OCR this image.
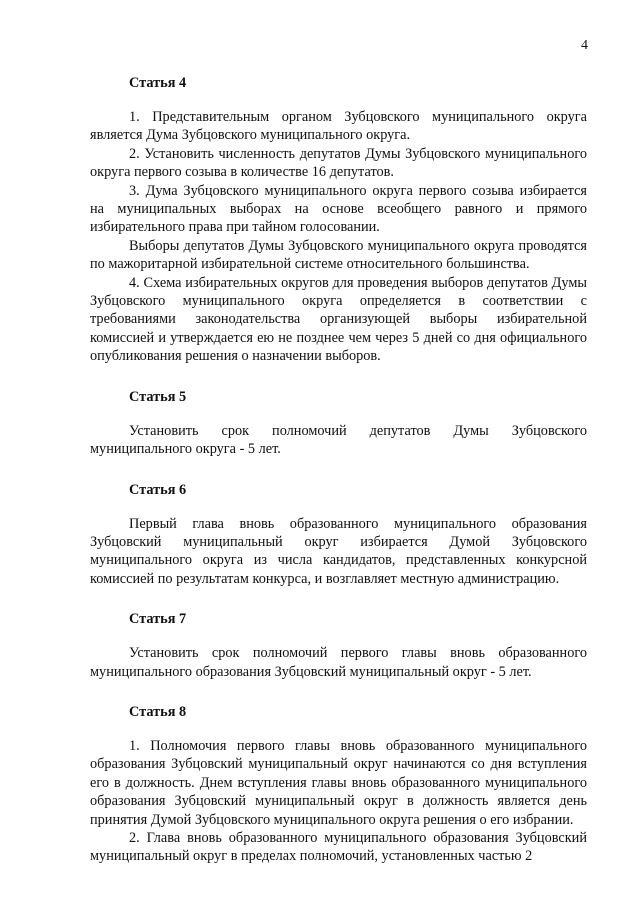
4
Статья 4

1. Представительным органом Зубцовского муниципального округа является Дума Зубцовского муниципального округа.

2. Установить численность депутатов Думы Зубцовского муниципального округа первого созыва в количестве 16 депутатов.

3. Дума Зубцовского муниципального округа первого созыва избирается на муниципальных выборах на основе всеобщего равного и прямого избирательного права при тайном голосовании.

Выборы депутатов Думы Зубцовского муниципального округа проводятся по мажоритарной избирательной системе относительного большинства.

4. Схема избирательных округов для проведения выборов депутатов Думы Зубцовского муниципального округа определяется в соответствии с требованиями законодательства организующей выборы избирательной комиссией и утверждается ею не позднее чем через 5 дней со дня официального опубликования решения о назначении выборов.

Статья 5

Установить срок полномочий депутатов Думы Зубцовского муниципального округа - 5 лет.

Статья 6

Первый глава вновь образованного муниципального образования Зубцовский муниципальный округ избирается Думой Зубцовского муниципального округа из числа кандидатов, представленных конкурсной комиссией по результатам конкурса, и возглавляет местную администрацию.

Статья 7

Установить срок полномочий первого главы вновь образованного муниципального образования Зубцовский муниципальный округ - 5 лет.

Статья 8

1. Полномочия первого главы вновь образованного муниципального образования Зубцовский муниципальный округ начинаются со дня вступления его в должность. Днем вступления главы вновь образованного муниципального образования Зубцовский муниципальный округ в должность является день принятия Думой Зубцовского муниципального округа решения о его избрании.

2. Глава вновь образованного муниципального образования Зубцовский муниципальный округ в пределах полномочий, установленных частью 2
